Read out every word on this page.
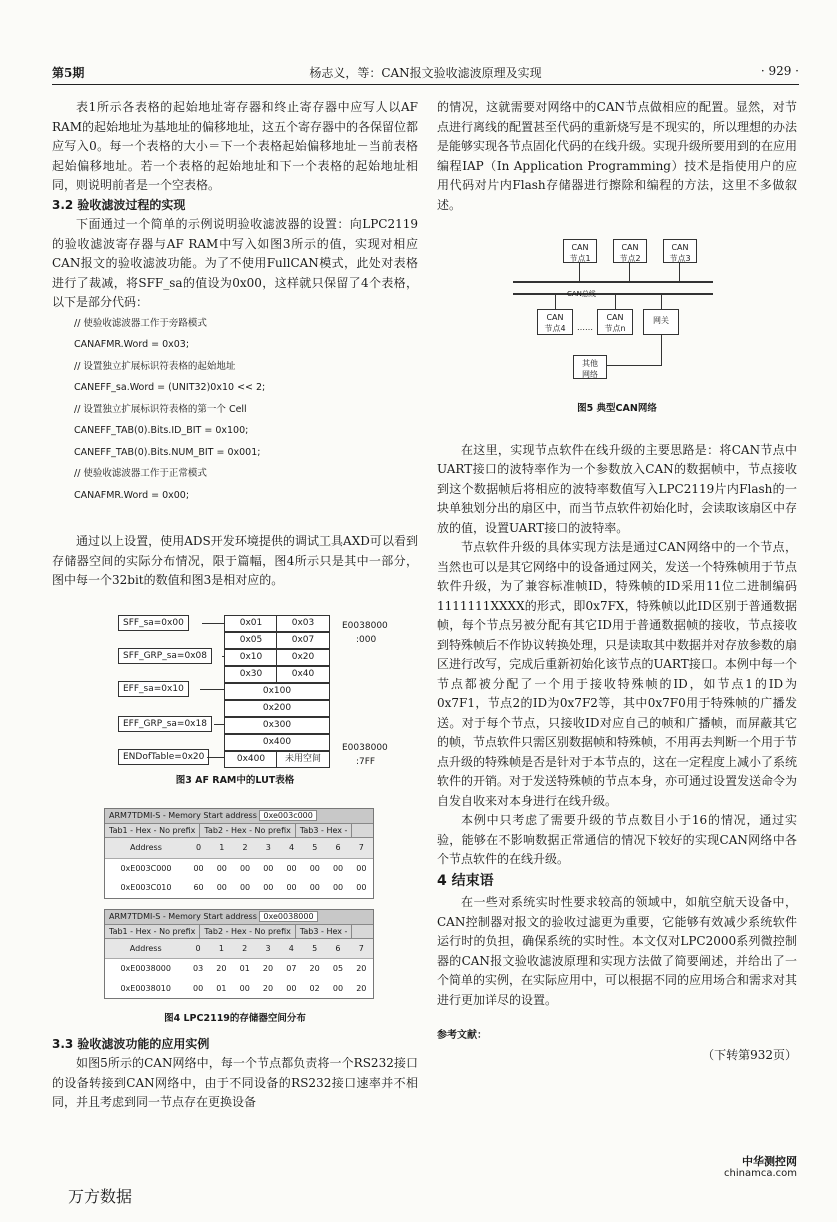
第5期	杨志义，等：CAN报文验收滤波原理及实现	· 929 ·

表1所示各表格的起始地址寄存器和终止寄存器中应写人以AF RAM的起始地址为基地址的偏移地址，这五个寄存器中的各保留位都应写入0。每一个表格的大小＝下一个表格起始偏移地址－当前表格起始偏移地址。若一个表格的起始地址和下一个表格的起始地址相同，则说明前者是一个空表格。

3.2 验收滤波过程的实现

下面通过一个简单的示例说明验收滤波器的设置：向LPC2119的验收滤波寄存器与AF RAM中写入如图3所示的值，实现对相应CAN报文的验收滤波功能。为了不使用FullCAN模式，此处对表格进行了裁减，将SFF_sa的值设为0x00，这样就只保留了4个表格，以下是部分代码：

// 使验收滤波器工作于旁路模式
CANAFMR.Word = 0x03;
// 设置独立扩展标识符表格的起始地址
CANEFF_sa.Word = (UNIT32)0x10 << 2;
// 设置独立扩展标识符表格的第一个 Cell
CANEFF_TAB(0).Bits.ID_BIT = 0x100;
CANEFF_TAB(0).Bits.NUM_BIT = 0x001;
// 使验收滤波器工作于正常模式
CANAFMR.Word = 0x00;

通过以上设置，使用ADS开发环境提供的调试工具AXD可以看到存储器空间的实际分布情况，限于篇幅，图4所示只是其中一部分，图中每一个32bit的数值和图3是相对应的。

SFF_sa=0x00
SFF_GRP_sa=0x08
EFF_sa=0x10
EFF_GRP_sa=0x18
ENDofTable=0x20
0x01	0x03
0x05	0x07
0x10	0x20
0x30	0x40
0x100
0x200
0x300
0x400
0x400	未用空间
E0038000
:000
E0038000
:7FF
图3 AF RAM中的LUT表格
ARM7TDMI-S - Memory Start address 0xe003c000
Tab1 - Hex - No prefix Tab2 - Hex - No prefix Tab3 - Hex -
Address	0	1	2	3	4	5	6	7
0xE003C000	00	00	00	00	00	00	00	00
0xE003C010	60	00	00	00	00	00	00	00
ARM7TDMI-S - Memory Start address 0xe0038000
Tab1 - Hex - No prefix Tab2 - Hex - No prefix Tab3 - Hex -
Address	0	1	2	3	4	5	6	7
0xE0038000	03	20	01	20	07	20	05	20
0xE0038010	00	01	00	20	00	02	00	20
图4 LPC2119的存储器空间分布
3.3 验收滤波功能的应用实例

如图5所示的CAN网络中，每一个节点都负责将一个RS232接口的设备转接到CAN网络中，由于不同设备的RS232接口速率并不相同，并且考虑到同一节点存在更换设备

的情况，这就需要对网络中的CAN节点做相应的配置。显然，对节点进行离线的配置甚至代码的重新烧写是不现实的，所以理想的办法是能够实现各节点固化代码的在线升级。实现升级所要用到的在应用编程IAP（In Application Programming）技术是指使用户的应用代码对片内Flash存储器进行擦除和编程的方法，这里不多做叙述。

CAN
节点1
CAN
节点2
CAN
节点3
CAN总线
CAN
节点4	……
CAN
节点n
网关
其他
网络
图5 典型CAN网络

在这里，实现节点软件在线升级的主要思路是：将CAN节点中UART接口的波特率作为一个参数放入CAN的数据帧中，节点接收到这个数据帧后将相应的波特率数值写入LPC2119片内Flash的一块单独划分出的扇区中，而当节点软件初始化时，会读取该扇区中存放的值，设置UART接口的波特率。

节点软件升级的具体实现方法是通过CAN网络中的一个节点，当然也可以是其它网络中的设备通过网关，发送一个特殊帧用于节点软件升级，为了兼容标准帧ID，特殊帧的ID采用11位二进制编码1111111XXXX的形式，即0x7FX，特殊帧以此ID区别于普通数据帧，每个节点另被分配有其它ID用于普通数据帧的接收，节点接收到特殊帧后不作协议转换处理，只是读取其中数据并对存放参数的扇区进行改写，完成后重新初始化该节点的UART接口。本例中每一个节点都被分配了一个用于接收特殊帧的ID，如节点1的ID为0x7F1，节点2的ID为0x7F2等，其中0x7F0用于特殊帧的广播发送。对于每个节点，只接收ID对应自己的帧和广播帧，而屏蔽其它的帧，节点软件只需区别数据帧和特殊帧，不用再去判断一个用于节点升级的特殊帧是否是针对于本节点的，这在一定程度上减小了系统软件的开销。对于发送特殊帧的节点本身，亦可通过设置发送命令为自发自收来对本身进行在线升级。

本例中只考虑了需要升级的节点数目小于16的情况，通过实验，能够在不影响数据正常通信的情况下较好的实现CAN网络中各个节点软件的在线升级。

4 结束语

在一些对系统实时性要求较高的领域中，如航空航天设备中，CAN控制器对报文的验收过滤更为重要，它能够有效减少系统软件运行时的负担，确保系统的实时性。本文仅对LPC2000系列微控制器的CAN报文验收滤波原理和实现方法做了简要阐述，并给出了一个简单的实例，在实际应用中，可以根据不同的应用场合和需求对其进行更加详尽的设置。

参考文献：
（下转第932页）
中华测控网
chinamca.com
万方数据
